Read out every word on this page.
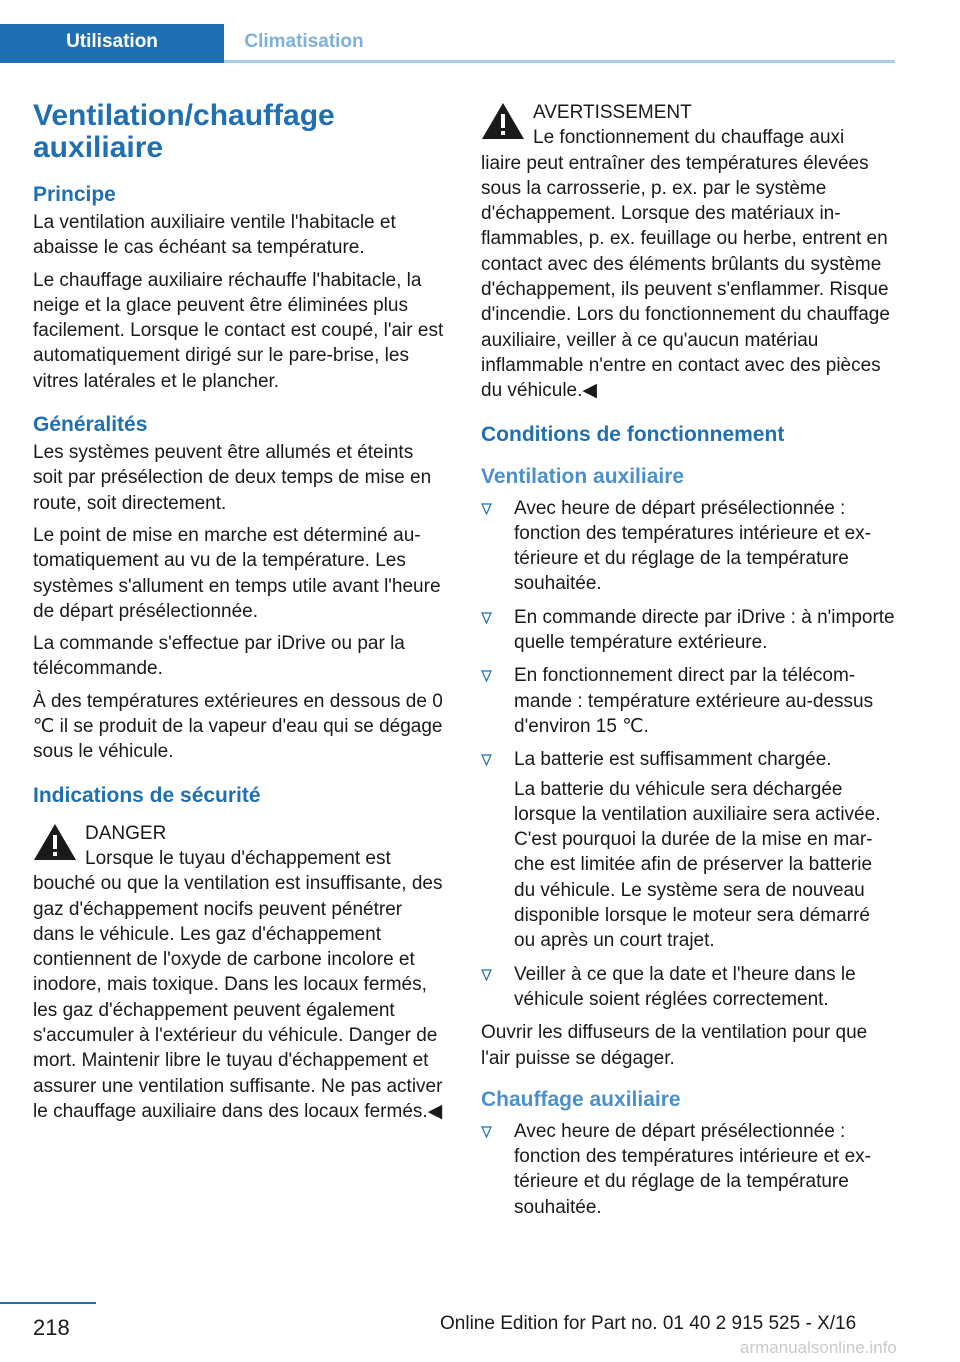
Utilisation	Climatisation
Ventilation/chauffage auxiliaire
Principe

La ventilation auxiliaire ventile l'habitacle et abaisse le cas échéant sa température.

Le chauffage auxiliaire réchauffe l'habitacle, la neige et la glace peuvent être éliminées plus facilement. Lorsque le contact est coupé, l'air est automatiquement dirigé sur le pare-brise, les vitres latérales et le plancher.

Généralités

Les systèmes peuvent être allumés et éteints soit par présélection de deux temps de mise en route, soit directement.

Le point de mise en marche est déterminé automatiquement au vu de la température. Les systèmes s'allument en temps utile avant l'heure de départ présélectionnée.

La commande s'effectue par iDrive ou par la télécommande.

À des températures extérieures en dessous de 0 ℃ il se produit de la vapeur d'eau qui se dégage sous le véhicule.

Indications de sécurité

DANGER

Lorsque le tuyau d'échappement est

bouché ou que la ventilation est insuffisante, des gaz d'échappement nocifs peuvent pénétrer dans le véhicule. Les gaz d'échappement contiennent de l'oxyde de carbone incolore et inodore, mais toxique. Dans les locaux fermés, les gaz d'échappement peuvent également s'accumuler à l'extérieur du véhicule. Danger de mort. Maintenir libre le tuyau d'échappement et assurer une ventilation suffisante. Ne pas activer le chauffage auxiliaire dans des locaux fermés.◀

AVERTISSEMENT

Le fonctionnement du chauffage auxi

liaire peut entraîner des températures élevées sous la carrosserie, p. ex. par le système d'échappement. Lorsque des matériaux inflammables, p. ex. feuillage ou herbe, entrent en contact avec des éléments brûlants du système d'échappement, ils peuvent s'enflammer. Risque d'incendie. Lors du fonctionnement du chauffage auxiliaire, veiller à ce qu'aucun matériau inflammable n'entre en contact avec des pièces du véhicule.◀

Conditions de fonctionnement
Ventilation auxiliaire
Avec heure de départ présélectionnée : fonction des températures intérieure et extérieure et du réglage de la température souhaitée.
En commande directe par iDrive : à n'importe quelle température extérieure.
En fonctionnement direct par la télécommande : température extérieure au-dessus d'environ 15 ℃.
La batterie est suffisamment chargée.
La batterie du véhicule sera déchargée lorsque la ventilation auxiliaire sera activée. C'est pourquoi la durée de la mise en marche est limitée afin de préserver la batterie du véhicule. Le système sera de nouveau disponible lorsque le moteur sera démarré ou après un court trajet.
Veiller à ce que la date et l'heure dans le véhicule soient réglées correctement.

Ouvrir les diffuseurs de la ventilation pour que l'air puisse se dégager.

Chauffage auxiliaire
Avec heure de départ présélectionnée : fonction des températures intérieure et extérieure et du réglage de la température souhaitée.
218	Online Edition for Part no. 01 40 2 915 525 - X/16
armanualsonline.info
